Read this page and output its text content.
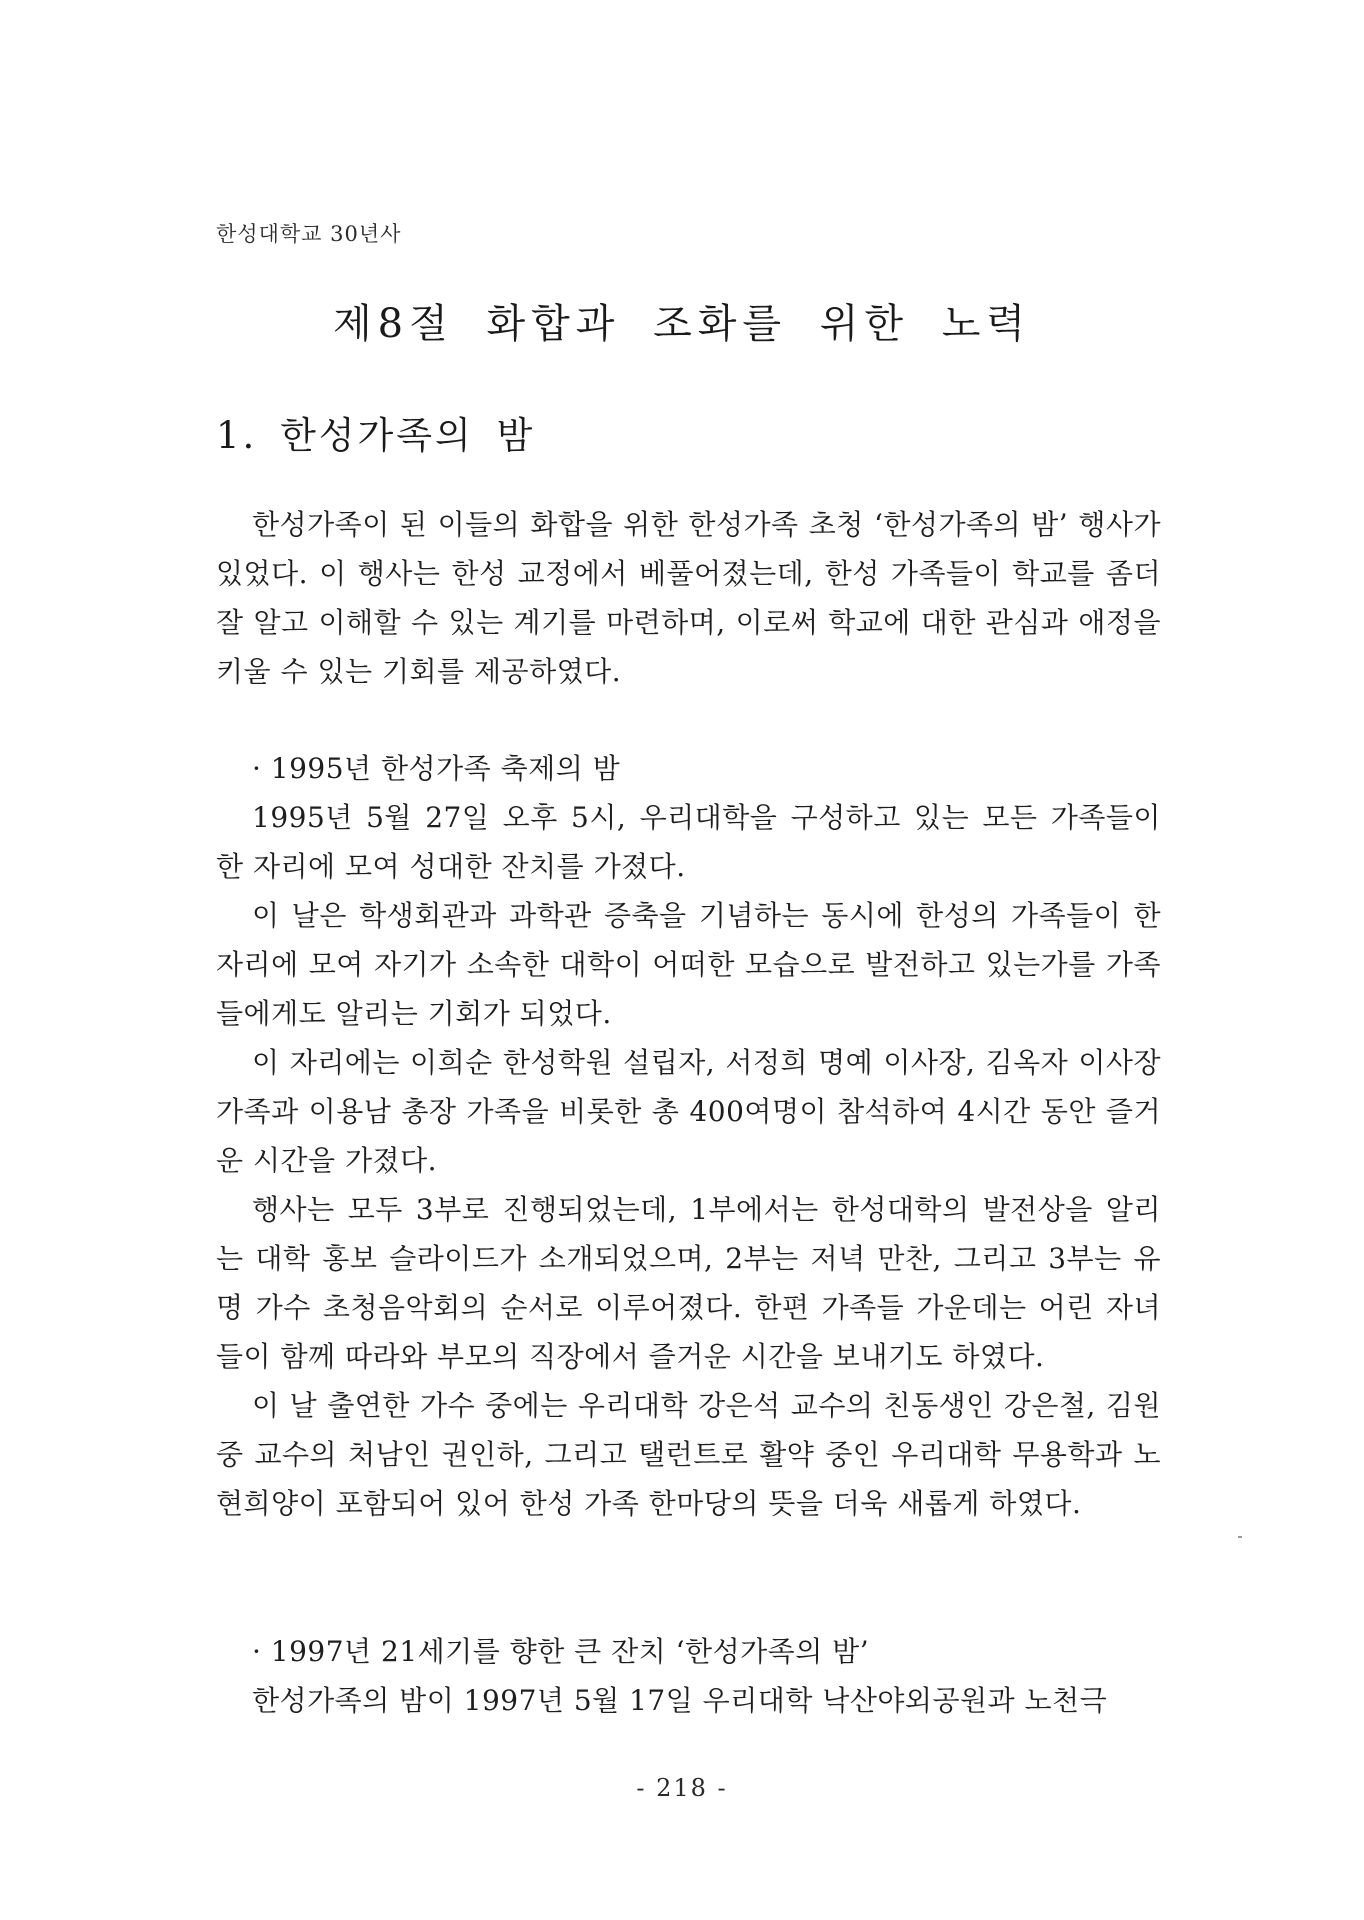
한성대학교 30년사
제8절 화합과 조화를 위한 노력
1. 한성가족의 밤

한성가족이 된 이들의 화합을 위한 한성가족 초청 ‘한성가족의 밤’ 행사가 있었다. 이 행사는 한성 교정에서 베풀어졌는데, 한성 가족들이 학교를 좀더 잘 알고 이해할 수 있는 계기를 마련하며, 이로써 학교에 대한 관심과 애정을 키울 수 있는 기회를 제공하였다.

· 1995년 한성가족 축제의 밤

1995년 5월 27일 오후 5시, 우리대학을 구성하고 있는 모든 가족들이 한 자리에 모여 성대한 잔치를 가졌다.

이 날은 학생회관과 과학관 증축을 기념하는 동시에 한성의 가족들이 한 자리에 모여 자기가 소속한 대학이 어떠한 모습으로 발전하고 있는가를 가족들에게도 알리는 기회가 되었다.

이 자리에는 이희순 한성학원 설립자, 서정희 명예 이사장, 김옥자 이사장 가족과 이용남 총장 가족을 비롯한 총 400여명이 참석하여 4시간 동안 즐거운 시간을 가졌다.

행사는 모두 3부로 진행되었는데, 1부에서는 한성대학의 발전상을 알리는 대학 홍보 슬라이드가 소개되었으며, 2부는 저녁 만찬, 그리고 3부는 유명 가수 초청음악회의 순서로 이루어졌다. 한편 가족들 가운데는 어린 자녀들이 함께 따라와 부모의 직장에서 즐거운 시간을 보내기도 하였다.

이 날 출연한 가수 중에는 우리대학 강은석 교수의 친동생인 강은철, 김원중 교수의 처남인 권인하, 그리고 탤런트로 활약 중인 우리대학 무용학과 노현희양이 포함되어 있어 한성 가족 한마당의 뜻을 더욱 새롭게 하였다.

· 1997년 21세기를 향한 큰 잔치 ‘한성가족의 밤’

한성가족의 밤이 1997년 5월 17일 우리대학 낙산야외공원과 노천극

- 218 -
